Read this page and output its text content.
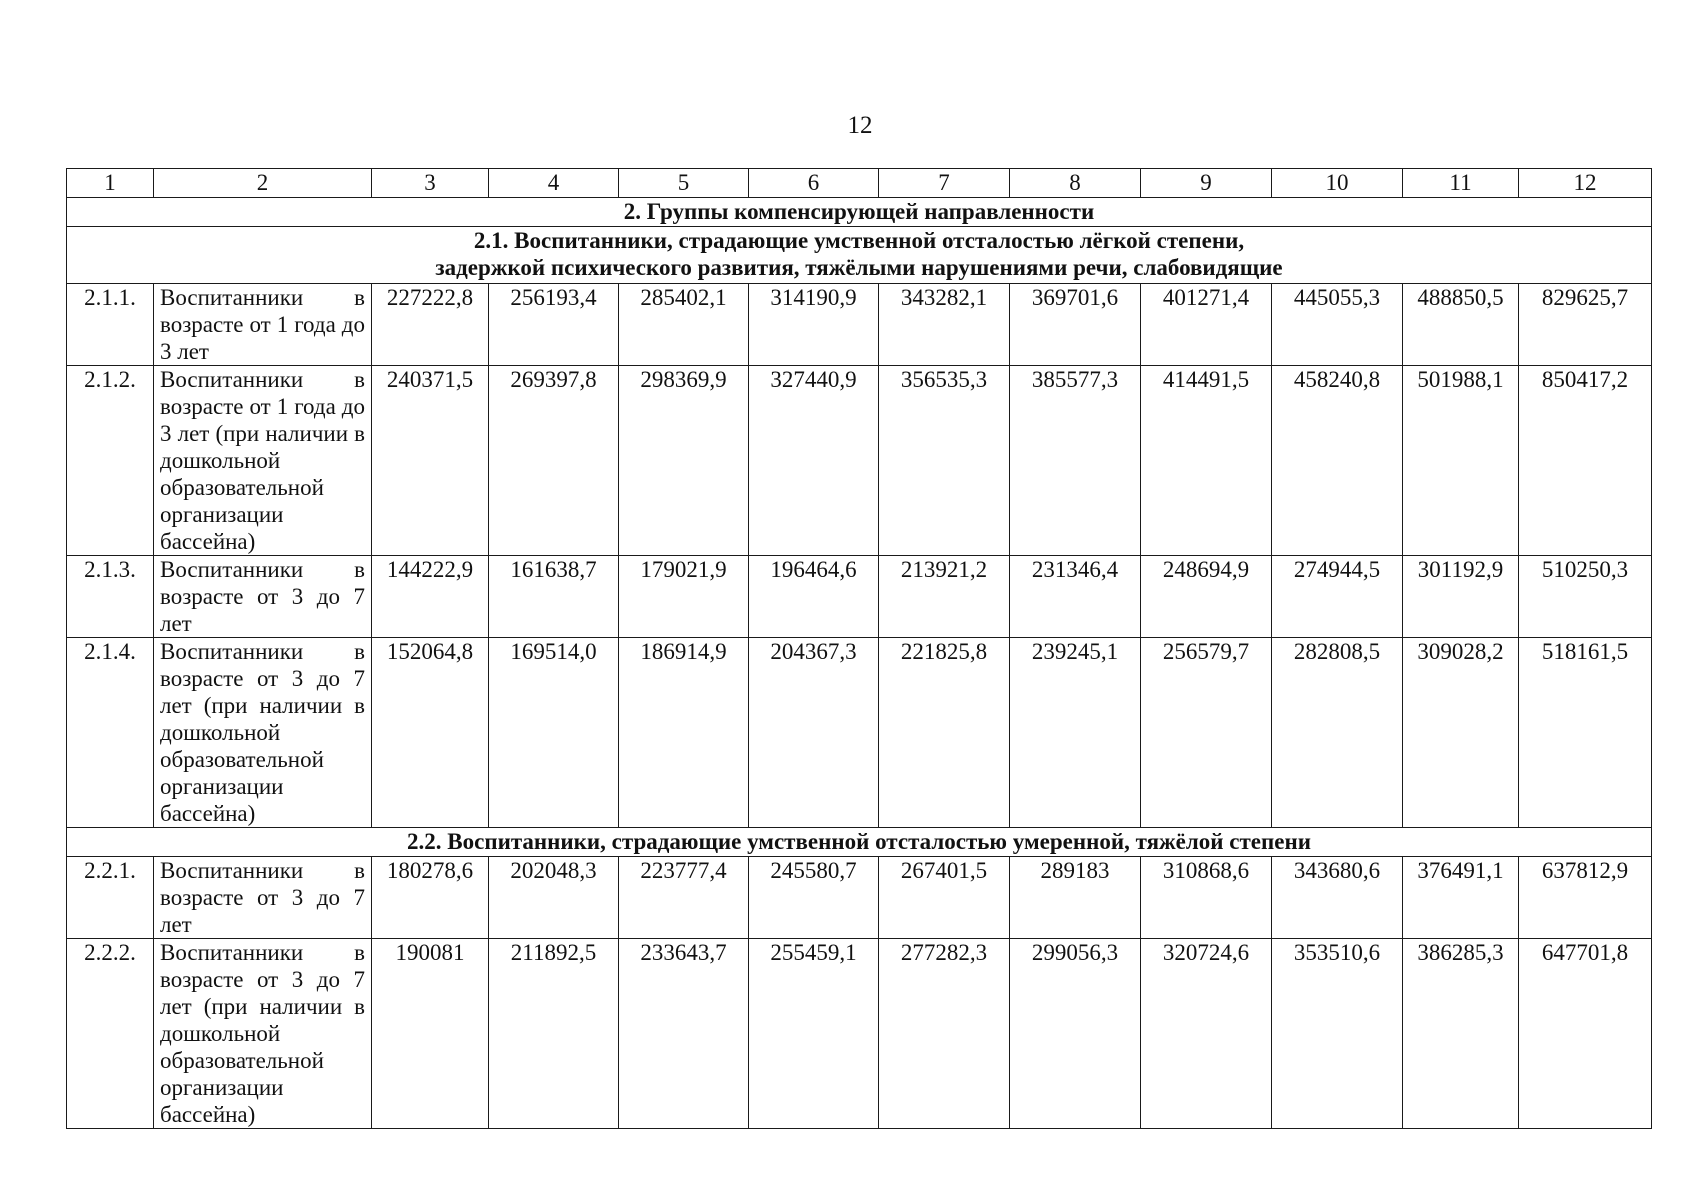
12
1	2	3	4	5	6	7	8	9	10	11	12
2. Группы компенсирующей направленности											

2.1. Воспитанники, страдающие умственной отсталостью лёгкой степени,
задержкой психического развития, тяжёлыми нарушениями речи, слабовидящие											

2.1.1.	Воспитанники в возрасте от 1 года до 3 лет	227222,8	256193,4	285402,1	314190,9	343282,1	369701,6	401271,4	445055,3	488850,5	829625,7
2.1.2.	Воспитанники в возрасте от 1 года до 3 лет (при наличии в дошкольной образовательной организации бассейна)	240371,5	269397,8	298369,9	327440,9	356535,3	385577,3	414491,5	458240,8	501988,1	850417,2
2.1.3.	Воспитанники в возрасте от 3 до 7 лет	144222,9	161638,7	179021,9	196464,6	213921,2	231346,4	248694,9	274944,5	301192,9	510250,3
2.1.4.	Воспитанники в возрасте от 3 до 7 лет (при наличии в дошкольной образовательной организации бассейна)	152064,8	169514,0	186914,9	204367,3	221825,8	239245,1	256579,7	282808,5	309028,2	518161,5
2.2. Воспитанники, страдающие умственной отсталостью умеренной, тяжёлой степени											
2.2.1.	Воспитанники в возрасте от 3 до 7 лет	180278,6	202048,3	223777,4	245580,7	267401,5	289183	310868,6	343680,6	376491,1	637812,9
2.2.2.	Воспитанники в возрасте от 3 до 7 лет (при наличии в дошкольной образовательной организации бассейна)	190081	211892,5	233643,7	255459,1	277282,3	299056,3	320724,6	353510,6	386285,3	647701,8
